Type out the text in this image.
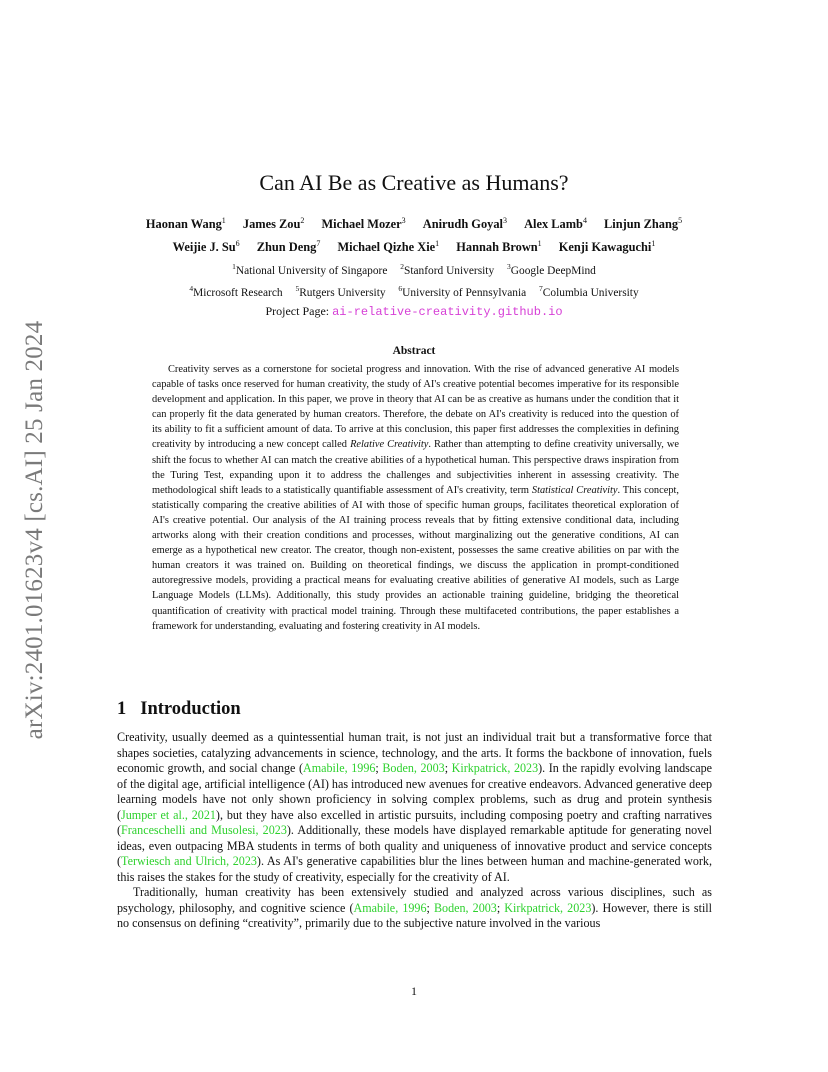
arXiv:2401.01623v4 [cs.AI] 25 Jan 2024
Can AI Be as Creative as Humans?
Haonan Wang$^1$ James Zou$^2$ Michael Mozer$^3$ Anirudh Goyal$^3$ Alex Lamb$^4$ Linjun Zhang$^5$
Weijie J. Su$^6$ Zhun Deng$^7$ Michael Qizhe Xie$^1$ Hannah Brown$^1$ Kenji Kawaguchi$^1$
$^1$National University of Singapore $^2$Stanford University $^3$Google DeepMind
$^4$Microsoft Research $^5$Rutgers University $^6$University of Pennsylvania $^7$Columbia University
Project Page: ai-relative-creativity.github.io
Abstract

Creativity serves as a cornerstone for societal progress and innovation. With the rise of advanced generative AI models capable of tasks once reserved for human creativity, the study of AI's creative potential becomes imperative for its responsible development and application. In this paper, we prove in theory that AI can be as creative as humans under the condition that it can properly fit the data generated by human creators. Therefore, the debate on AI's creativity is reduced into the question of its ability to fit a sufficient amount of data. To arrive at this conclusion, this paper first addresses the complexities in defining creativity by introducing a new concept called Relative Creativity. Rather than attempting to define creativity universally, we shift the focus to whether AI can match the creative abilities of a hypothetical human. This perspective draws inspiration from the Turing Test, expanding upon it to address the challenges and subjectivities inherent in assessing creativity. The methodological shift leads to a statistically quantifiable assessment of AI's creativity, term Statistical Creativity. This concept, statistically comparing the creative abilities of AI with those of specific human groups, facilitates theoretical exploration of AI's creative potential. Our analysis of the AI training process reveals that by fitting extensive conditional data, including artworks along with their creation conditions and processes, without marginalizing out the generative conditions, AI can emerge as a hypothetical new creator. The creator, though non-existent, possesses the same creative abilities on par with the human creators it was trained on. Building on theoretical findings, we discuss the application in prompt-conditioned autoregressive models, providing a practical means for evaluating creative abilities of generative AI models, such as Large Language Models (LLMs). Additionally, this study provides an actionable training guideline, bridging the theoretical quantification of creativity with practical model training. Through these multifaceted contributions, the paper establishes a framework for understanding, evaluating and fostering creativity in AI models.

1 Introduction

Creativity, usually deemed as a quintessential human trait, is not just an individual trait but a transformative force that shapes societies, catalyzing advancements in science, technology, and the arts. It forms the backbone of innovation, fuels economic growth, and social change (Amabile, 1996; Boden, 2003; Kirkpatrick, 2023). In the rapidly evolving landscape of the digital age, artificial intelligence (AI) has introduced new avenues for creative endeavors. Advanced generative deep learning models have not only shown proficiency in solving complex problems, such as drug and protein synthesis (Jumper et al., 2021), but they have also excelled in artistic pursuits, including composing poetry and crafting narratives (Franceschelli and Musolesi, 2023). Additionally, these models have displayed remarkable aptitude for generating novel ideas, even outpacing MBA students in terms of both quality and uniqueness of innovative product and service concepts (Terwiesch and Ulrich, 2023). As AI's generative capabilities blur the lines between human and machine-generated work, this raises the stakes for the study of creativity, especially for the creativity of AI.

Traditionally, human creativity has been extensively studied and analyzed across various disciplines, such as psychology, philosophy, and cognitive science (Amabile, 1996; Boden, 2003; Kirkpatrick, 2023). However, there is still no consensus on defining “creativity”, primarily due to the subjective nature involved in the various

1
